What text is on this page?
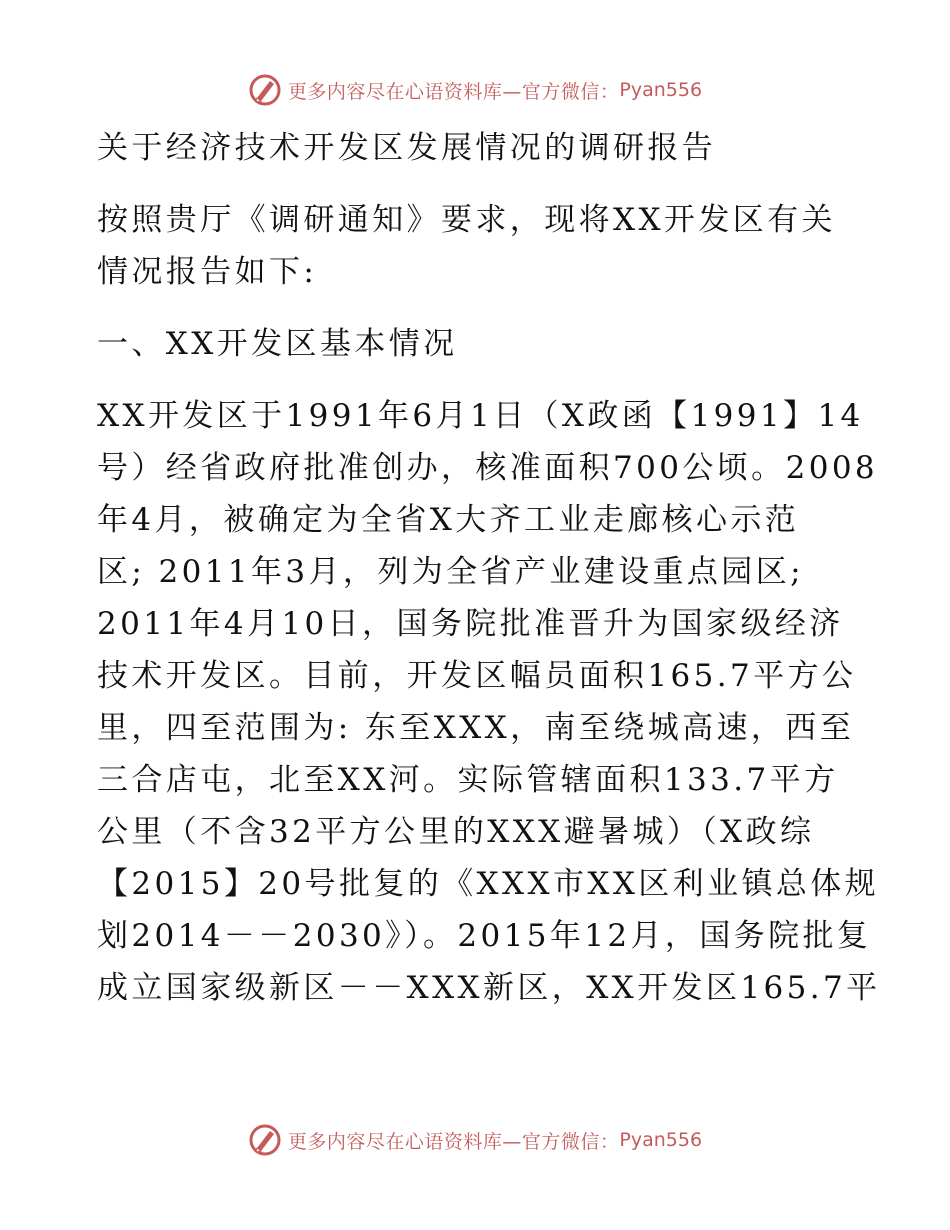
更多内容尽在心语资料库—官方微信： Pyan556
关于经济技术开发区发展情况的调研报告
按照贵厅《调研通知》要求，现将XX开发区有关
情况报告如下:
一、XX开发区基本情况
XX开发区于1991年6月1日（X政函【1991】14
号）经省政府批准创办，核准面积700公顷。2008
年4月，被确定为全省X大齐工业走廊核心示范
区; 2011年3月，列为全省产业建设重点园区;
2011年4月10日，国务院批准晋升为国家级经济
技术开发区。目前，开发区幅员面积165.7平方公
里，四至范围为: 东至XXX，南至绕城高速，西至
三合店屯，北至XX河。实际管辖面积133.7平方
公里（不含32平方公里的XXX避暑城）（X政综
【2015】20号批复的《XXX市XX区利业镇总体规
划2014－－2030》）。2015年12月，国务院批复
成立国家级新区－－XXX新区，XX开发区165.7平
更多内容尽在心语资料库—官方微信： Pyan556
